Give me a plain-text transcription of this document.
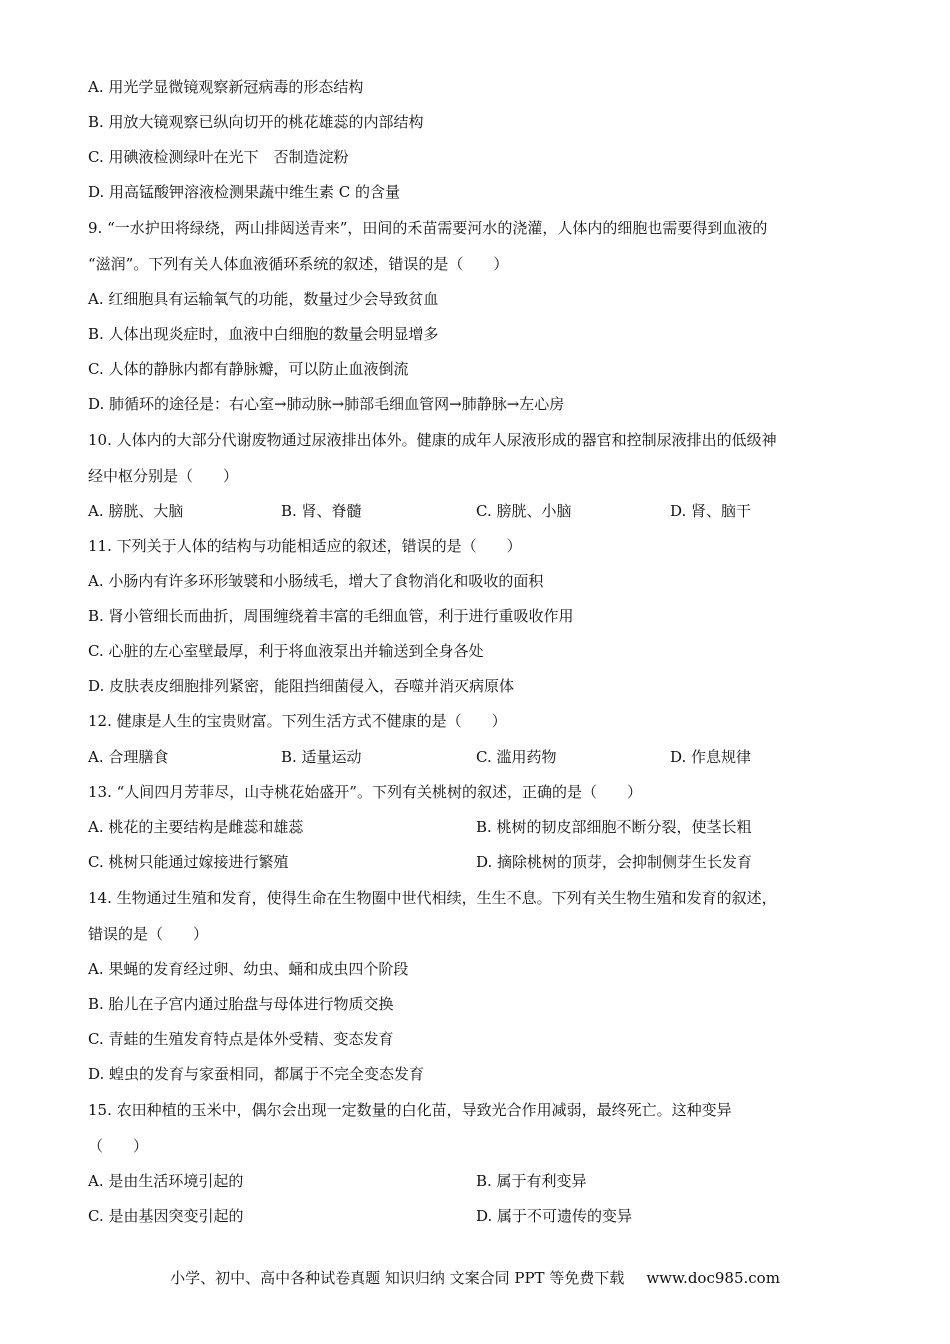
A. 用光学显微镜观察新冠病毒的形态结构
B. 用放大镜观察已纵向切开的桃花雄蕊的内部结构
C. 用碘液检测绿叶在光下　否制造淀粉
D. 用高锰酸钾溶液检测果蔬中维生素 C 的含量
9. “一水护田将绿绕，两山排闼送青来”，田间的禾苗需要河水的浇灌，人体内的细胞也需要得到血液的
“滋润”。下列有关人体血液循环系统的叙述，错误的是（　　）
A. 红细胞具有运输氧气的功能，数量过少会导致贫血
B. 人体出现炎症时，血液中白细胞的数量会明显增多
C. 人体的静脉内都有静脉瓣，可以防止血液倒流
D. 肺循环的途径是：右心室→肺动脉→肺部毛细血管网→肺静脉→左心房
10. 人体内的大部分代谢废物通过尿液排出体外。健康的成年人尿液形成的器官和控制尿液排出的低级神
经中枢分别是（　　）
A. 膀胱、大脑	B. 肾、脊髓	C. 膀胱、小脑	D. 肾、脑干
11. 下列关于人体的结构与功能相适应的叙述，错误的是（　　）
A. 小肠内有许多环形皱襞和小肠绒毛，增大了食物消化和吸收的面积
B. 肾小管细长而曲折，周围缠绕着丰富的毛细血管，利于进行重吸收作用
C. 心脏的左心室壁最厚，利于将血液泵出并输送到全身各处
D. 皮肤表皮细胞排列紧密，能阻挡细菌侵入，吞噬并消灭病原体
12. 健康是人生的宝贵财富。下列生活方式不健康的是（　　）
A. 合理膳食	B. 适量运动	C. 滥用药物	D. 作息规律
13. “人间四月芳菲尽，山寺桃花始盛开”。下列有关桃树的叙述，正确的是（　　）
A. 桃花的主要结构是雌蕊和雄蕊	B. 桃树的韧皮部细胞不断分裂，使茎长粗
C. 桃树只能通过嫁接进行繁殖	D. 摘除桃树的顶芽，会抑制侧芽生长发育
14. 生物通过生殖和发育，使得生命在生物圈中世代相续，生生不息。下列有关生物生殖和发育的叙述，
错误的是（　　）
A. 果蝇的发育经过卵、幼虫、蛹和成虫四个阶段
B. 胎儿在子宫内通过胎盘与母体进行物质交换
C. 青蛙的生殖发育特点是体外受精、变态发育
D. 蝗虫的发育与家蚕相同，都属于不完全变态发育
15. 农田种植的玉米中，偶尔会出现一定数量的白化苗，导致光合作用减弱，最终死亡。这种变异
（　　）
A. 是由生活环境引起的	B. 属于有利变异
C. 是由基因突变引起的	D. 属于不可遗传的变异
小学、初中、高中各种试卷真题 知识归纳 文案合同 PPT 等免费下载 www.doc985.com
